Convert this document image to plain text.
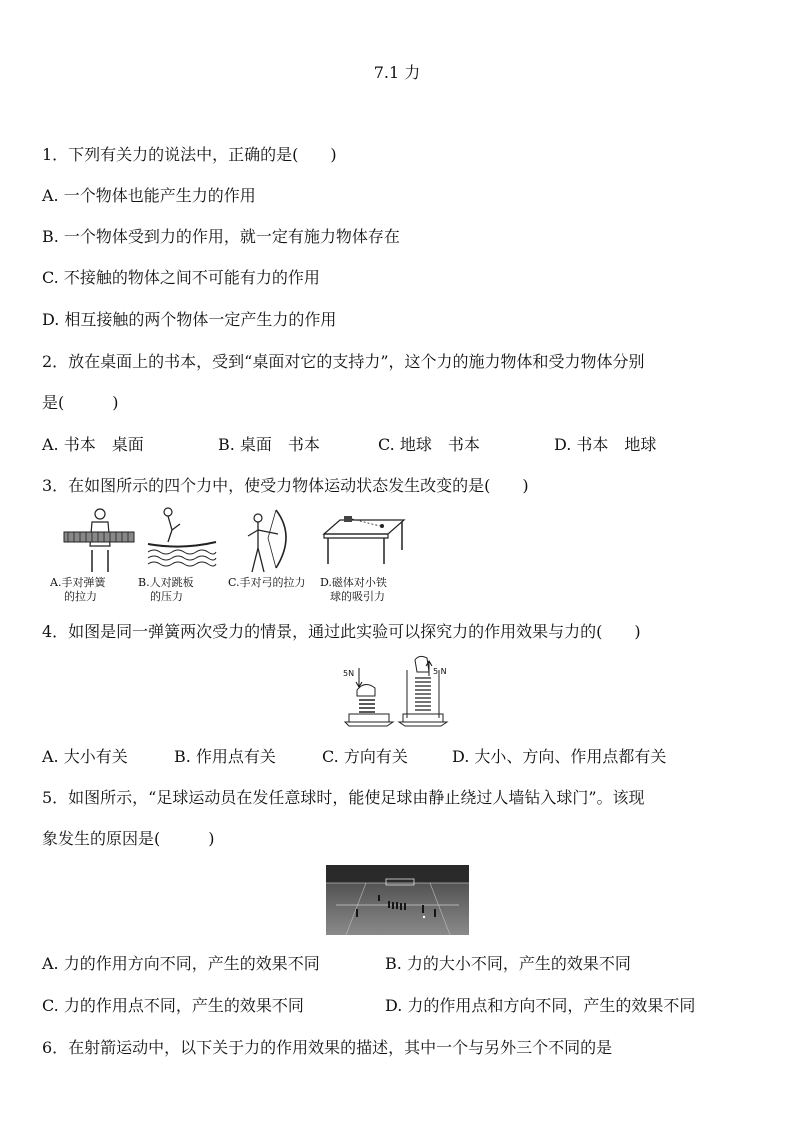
7.1 力
1．下列有关力的说法中，正确的是(　　)
A. 一个物体也能产生力的作用
B. 一个物体受到力的作用，就一定有施力物体存在
C. 不接触的物体之间不可能有力的作用
D. 相互接触的两个物体一定产生力的作用
2．放在桌面上的书本，受到“桌面对它的支持力”，这个力的施力物体和受力物体分别
是(　　　)
A. 书本　桌面	B. 桌面　书本	C. 地球　书本	D. 书本　地球
3．在如图所示的四个力中，使受力物体运动状态发生改变的是(　　)
A.手对弹簧
的拉力
B.人对跳板
的压力
C.手对弓的拉力 D.磁体对小铁
球的吸引力
4．如图是同一弹簧两次受力的情景，通过此实验可以探究力的作用效果与力的(　　)
5N	5 N
A. 大小有关	B. 作用点有关	C. 方向有关	D. 大小、方向、作用点都有关
5．如图所示，“足球运动员在发任意球时，能使足球由静止绕过人墙钻入球门”。该现
象发生的原因是(　　　)
A. 力的作用方向不同，产生的效果不同	B. 力的大小不同，产生的效果不同
C. 力的作用点不同，产生的效果不同	D. 力的作用点和方向不同，产生的效果不同
6．在射箭运动中，以下关于力的作用效果的描述，其中一个与另外三个不同的是
